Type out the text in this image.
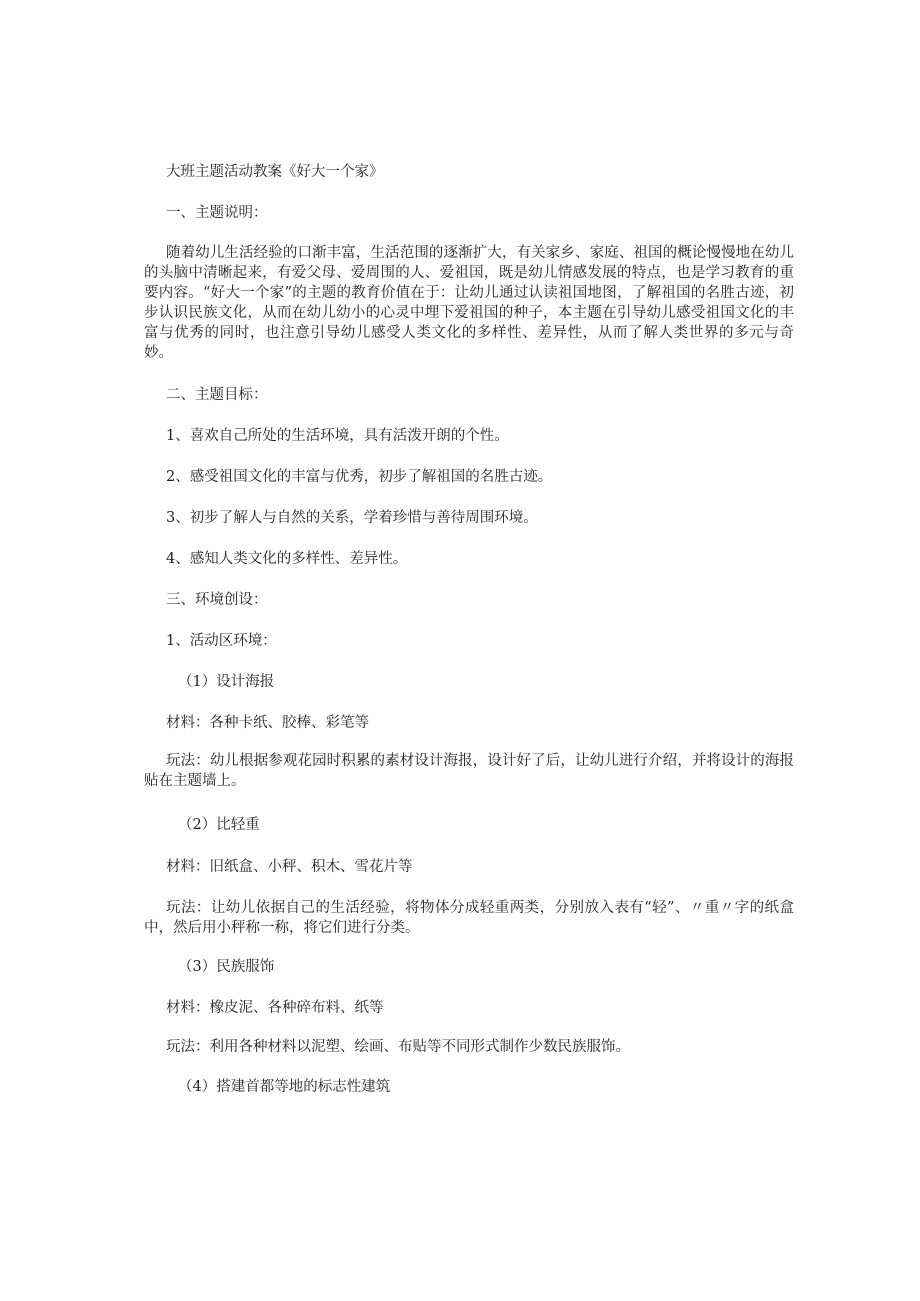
大班主题活动教案《好大一个家》

一、主题说明：

随着幼儿生活经验的口渐丰富，生活范围的逐渐扩大，有关家乡、家庭、祖国的概论慢慢地在幼儿的头脑中清晰起来，有爱父母、爱周围的人、爱祖国，既是幼儿情感发展的特点，也是学习教育的重要内容。“好大一个家”的主题的教育价值在于：让幼儿通过认读祖国地图，了解祖国的名胜古迹，初步认识民族文化，从而在幼儿幼小的心灵中埋下爱祖国的种子，本主题在引导幼儿感受祖国文化的丰富与优秀的同时，也注意引导幼儿感受人类文化的多样性、差异性，从而了解人类世界的多元与奇妙。

二、主题目标：

1、喜欢自己所处的生活环境，具有活泼开朗的个性。

2、感受祖国文化的丰富与优秀，初步了解祖国的名胜古迹。

3、初步了解人与自然的关系，学着珍惜与善待周围环境。

4、感知人类文化的多样性、差异性。

三、环境创设：

1、活动区环境：

（1）设计海报

材料：各种卡纸、胶棒、彩笔等

玩法：幼儿根据参观花园时积累的素材设计海报，设计好了后，让幼儿进行介绍，并将设计的海报贴在主题墙上。

（2）比轻重

材料：旧纸盒、小秤、积木、雪花片等

玩法：让幼儿依据自己的生活经验，将物体分成轻重两类，分别放入表有“轻”、〃重〃字的纸盒中，然后用小秤称一称，将它们进行分类。

（3）民族服饰

材料：橡皮泥、各种碎布料、纸等

玩法：利用各种材料以泥塑、绘画、布贴等不同形式制作少数民族服饰。

（4）搭建首都等地的标志性建筑
